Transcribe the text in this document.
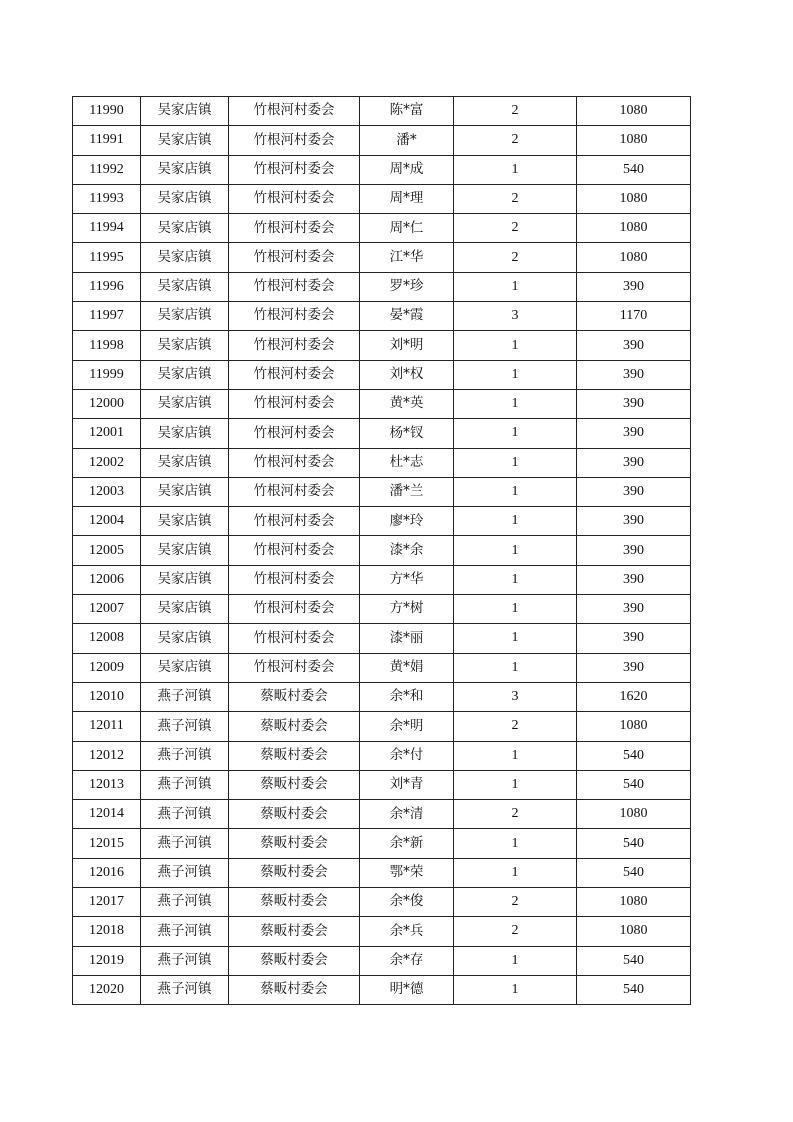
11990	吴家店镇	竹根河村委会	陈*富	2	1080
11991	吴家店镇	竹根河村委会	潘*	2	1080
11992	吴家店镇	竹根河村委会	周*成	1	540
11993	吴家店镇	竹根河村委会	周*理	2	1080
11994	吴家店镇	竹根河村委会	周*仁	2	1080
11995	吴家店镇	竹根河村委会	江*华	2	1080
11996	吴家店镇	竹根河村委会	罗*珍	1	390
11997	吴家店镇	竹根河村委会	晏*霞	3	1170
11998	吴家店镇	竹根河村委会	刘*明	1	390
11999	吴家店镇	竹根河村委会	刘*权	1	390
12000	吴家店镇	竹根河村委会	黄*英	1	390
12001	吴家店镇	竹根河村委会	杨*钗	1	390
12002	吴家店镇	竹根河村委会	杜*志	1	390
12003	吴家店镇	竹根河村委会	潘*兰	1	390
12004	吴家店镇	竹根河村委会	廖*玲	1	390
12005	吴家店镇	竹根河村委会	漆*余	1	390
12006	吴家店镇	竹根河村委会	方*华	1	390
12007	吴家店镇	竹根河村委会	方*树	1	390
12008	吴家店镇	竹根河村委会	漆*丽	1	390
12009	吴家店镇	竹根河村委会	黄*娟	1	390
12010	燕子河镇	蔡畈村委会	余*和	3	1620
12011	燕子河镇	蔡畈村委会	余*明	2	1080
12012	燕子河镇	蔡畈村委会	余*付	1	540
12013	燕子河镇	蔡畈村委会	刘*青	1	540
12014	燕子河镇	蔡畈村委会	余*清	2	1080
12015	燕子河镇	蔡畈村委会	余*新	1	540
12016	燕子河镇	蔡畈村委会	鄂*荣	1	540
12017	燕子河镇	蔡畈村委会	余*俊	2	1080
12018	燕子河镇	蔡畈村委会	余*兵	2	1080
12019	燕子河镇	蔡畈村委会	余*存	1	540
12020	燕子河镇	蔡畈村委会	明*德	1	540
